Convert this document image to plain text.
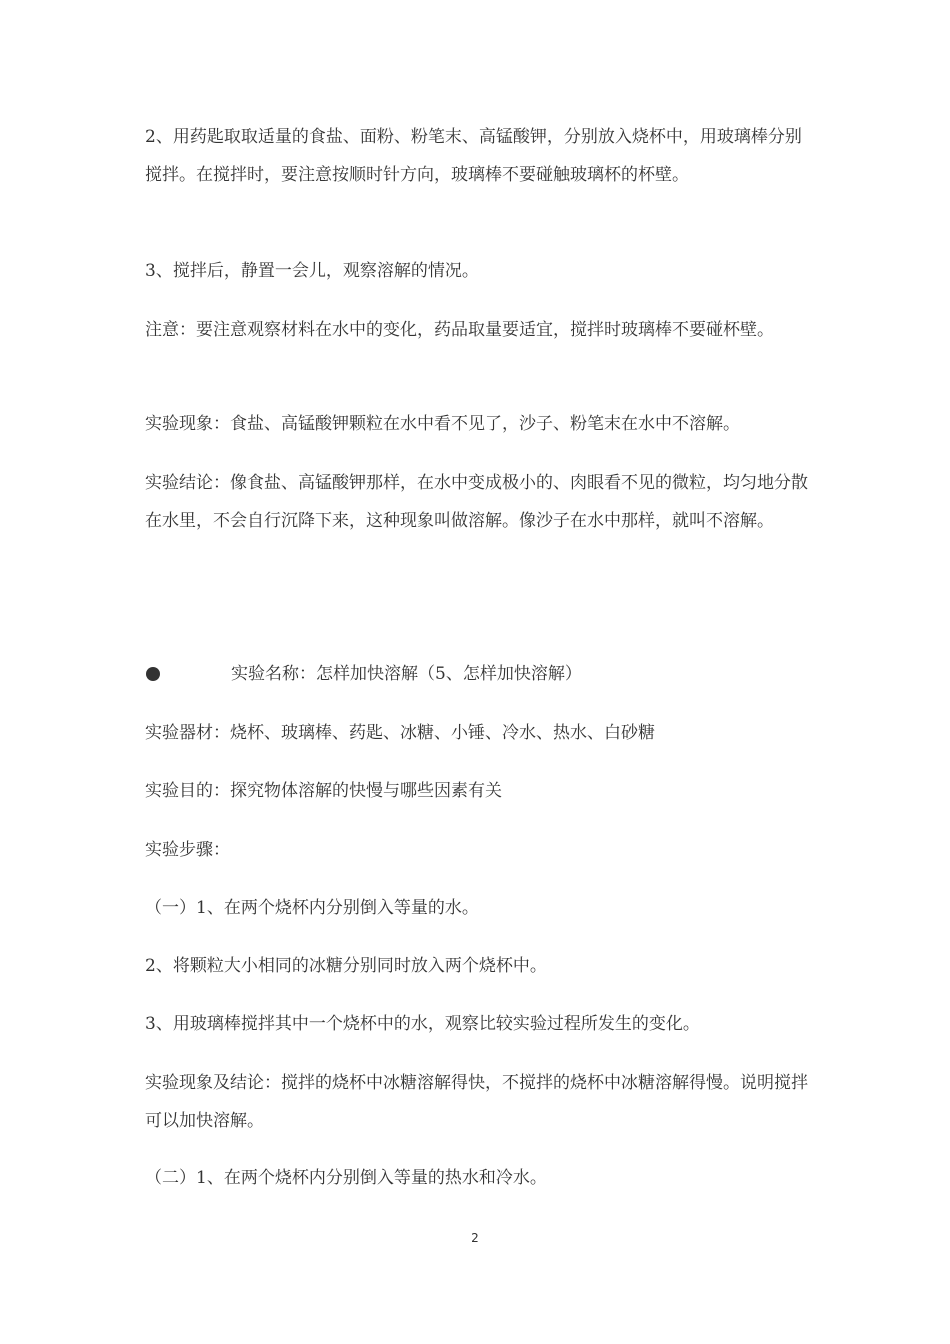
2、用药匙取取适量的食盐、面粉、粉笔末、高锰酸钾，分别放入烧杯中，用玻璃棒分别搅拌。在搅拌时，要注意按顺时针方向，玻璃棒不要碰触玻璃杯的杯壁。

3、搅拌后，静置一会儿，观察溶解的情况。

注意：要注意观察材料在水中的变化，药品取量要适宜，搅拌时玻璃棒不要碰杯壁。

实验现象：食盐、高锰酸钾颗粒在水中看不见了，沙子、粉笔末在水中不溶解。

实验结论：像食盐、高锰酸钾那样，在水中变成极小的、肉眼看不见的微粒，均匀地分散在水里，不会自行沉降下来，这种现象叫做溶解。像沙子在水中那样，就叫不溶解。

实验名称：怎样加快溶解（5、怎样加快溶解）

实验器材：烧杯、玻璃棒、药匙、冰糖、小锤、冷水、热水、白砂糖

实验目的：探究物体溶解的快慢与哪些因素有关

实验步骤：

（一）1、在两个烧杯内分别倒入等量的水。

2、将颗粒大小相同的冰糖分别同时放入两个烧杯中。

3、用玻璃棒搅拌其中一个烧杯中的水，观察比较实验过程所发生的变化。

实验现象及结论：搅拌的烧杯中冰糖溶解得快，不搅拌的烧杯中冰糖溶解得慢。说明搅拌可以加快溶解。

（二）1、在两个烧杯内分别倒入等量的热水和冷水。

2
